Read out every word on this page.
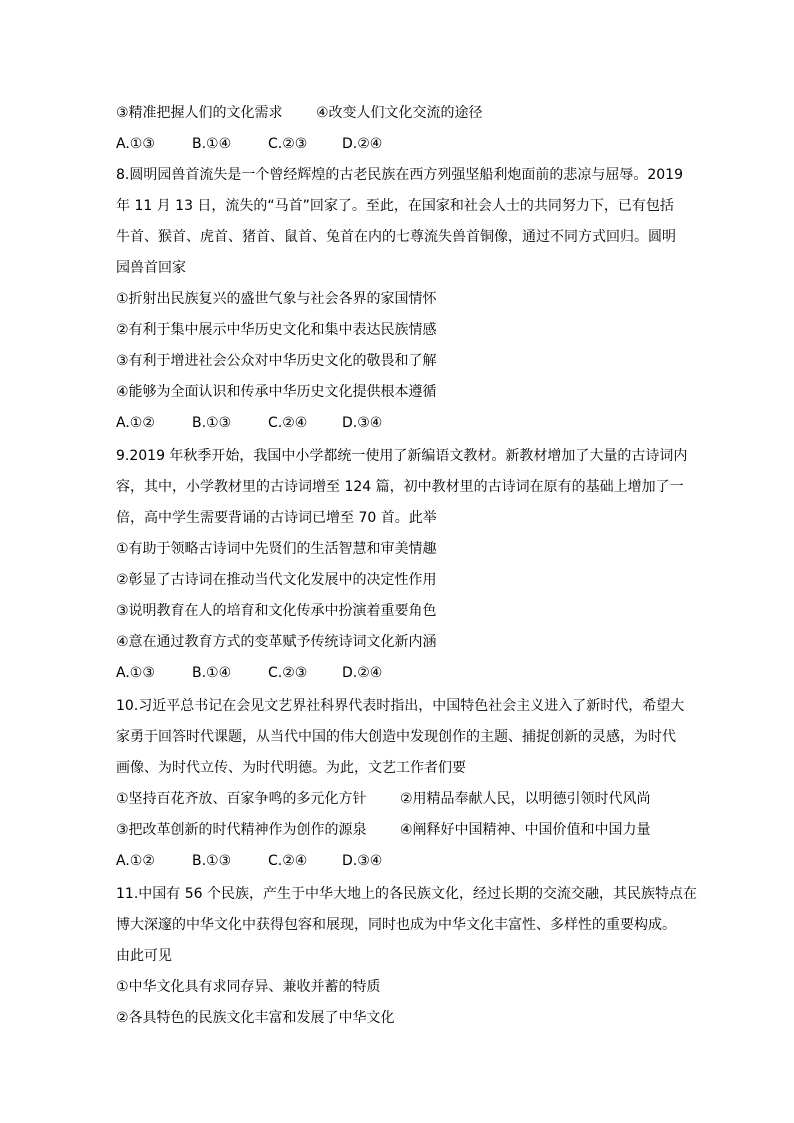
③精准把握人们的文化需求 ④改变人们文化交流的途径
A.①③	B.①④	C.②③ D.②④
8.圆明园兽首流失是一个曾经辉煌的古老民族在西方列强坚船利炮面前的悲凉与屈辱。2019
年 11 月 13 日，流失的“马首”回家了。至此，在国家和社会人士的共同努力下，已有包括
牛首、猴首、虎首、猪首、鼠首、兔首在内的七尊流失兽首铜像，通过不同方式回归。圆明
园兽首回家
①折射出民族复兴的盛世气象与社会各界的家国情怀
②有利于集中展示中华历史文化和集中表达民族情感
③有利于增进社会公众对中华历史文化的敬畏和了解
④能够为全面认识和传承中华历史文化提供根本遵循
A.①②	B.①③	C.②④ D.③④
9.2019 年秋季开始，我国中小学都统一使用了新编语文教材。新教材增加了大量的古诗词内
容，其中，小学教材里的古诗词增至 124 篇，初中教材里的古诗词在原有的基础上增加了一
倍，高中学生需要背诵的古诗词已增至 70 首。此举
①有助于领略古诗词中先贤们的生活智慧和审美情趣
②彰显了古诗词在推动当代文化发展中的决定性作用
③说明教育在人的培育和文化传承中扮演着重要角色
④意在通过教育方式的变革赋予传统诗词文化新内涵
A.①③	B.①④	C.②③ D.②④
10.习近平总书记在会见文艺界社科界代表时指出，中国特色社会主义进入了新时代，希望大
家勇于回答时代课题，从当代中国的伟大创造中发现创作的主题、捕捉创新的灵感，为时代
画像、为时代立传、为时代明德。为此，文艺工作者们要
①坚持百花齐放、百家争鸣的多元化方针 ②用精品奉献人民，以明德引领时代风尚
③把改革创新的时代精神作为创作的源泉 ④阐释好中国精神、中国价值和中国力量
A.①②	B.①③	C.②④ D.③④
11.中国有 56 个民族，产生于中华大地上的各民族文化，经过长期的交流交融，其民族特点在
博大深邃的中华文化中获得包容和展现，同时也成为中华文化丰富性、多样性的重要构成。
由此可见
①中华文化具有求同存异、兼收并蓄的特质
②各具特色的民族文化丰富和发展了中华文化
